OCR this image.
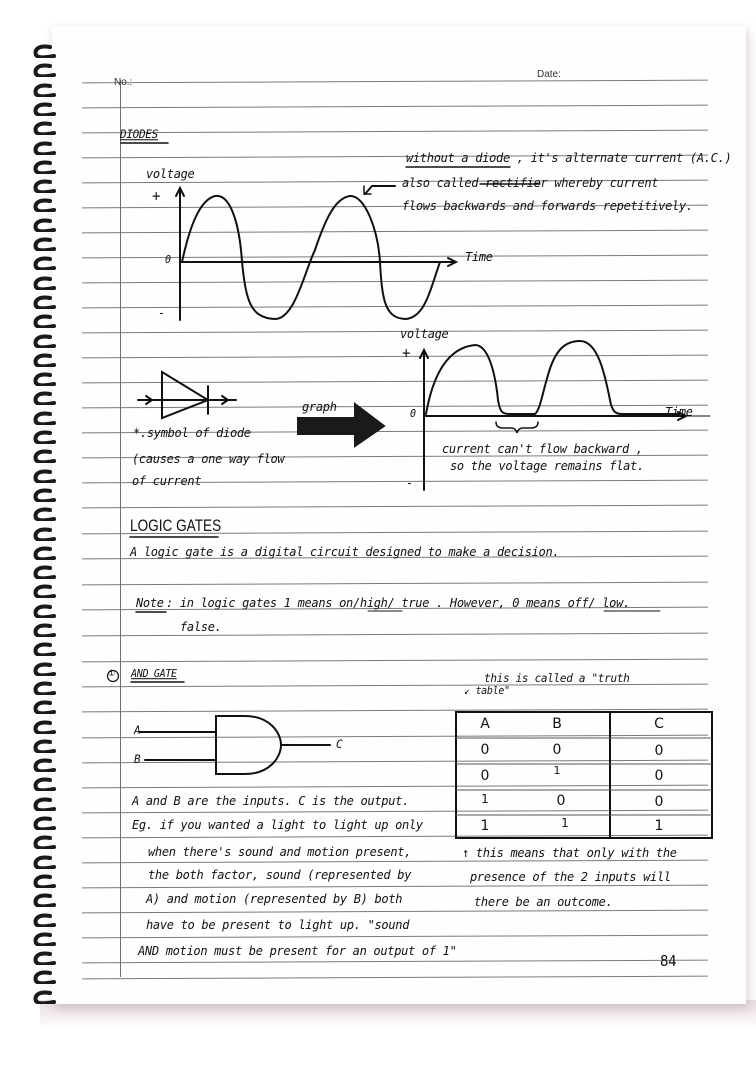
No.:
Date:
DIODES
voltage
+
0
-
Time
without a diode , it's alternate current (A.C.)
also called rectifier whereby current
flows backwards and forwards repetitively.
*.symbol of diode
(causes a one way flow
of current
graph
voltage
+
0
-
Time
current can't flow backward ,
so the voltage remains flat.
LOGIC GATES
A logic gate is a digital circuit designed to make a decision.
Note : in logic gates 1 means on/high/ true . However, 0 means off/ low.
false.
① AND GATE
A
B
C
this is called a "truth
↙ table"
A	B	C
0	0	0
0	1	0
1	0	0
1	1	1
A and B are the inputs. C is the output.
Eg. if you wanted a light to light up only
when there's sound and motion present,
the both factor, sound (represented by
A) and motion (represented by B) both
have to be present to light up. "sound
AND motion must be present for an output of 1"
↑ this means that only with the
presence of the 2 inputs will
there be an outcome.
84
